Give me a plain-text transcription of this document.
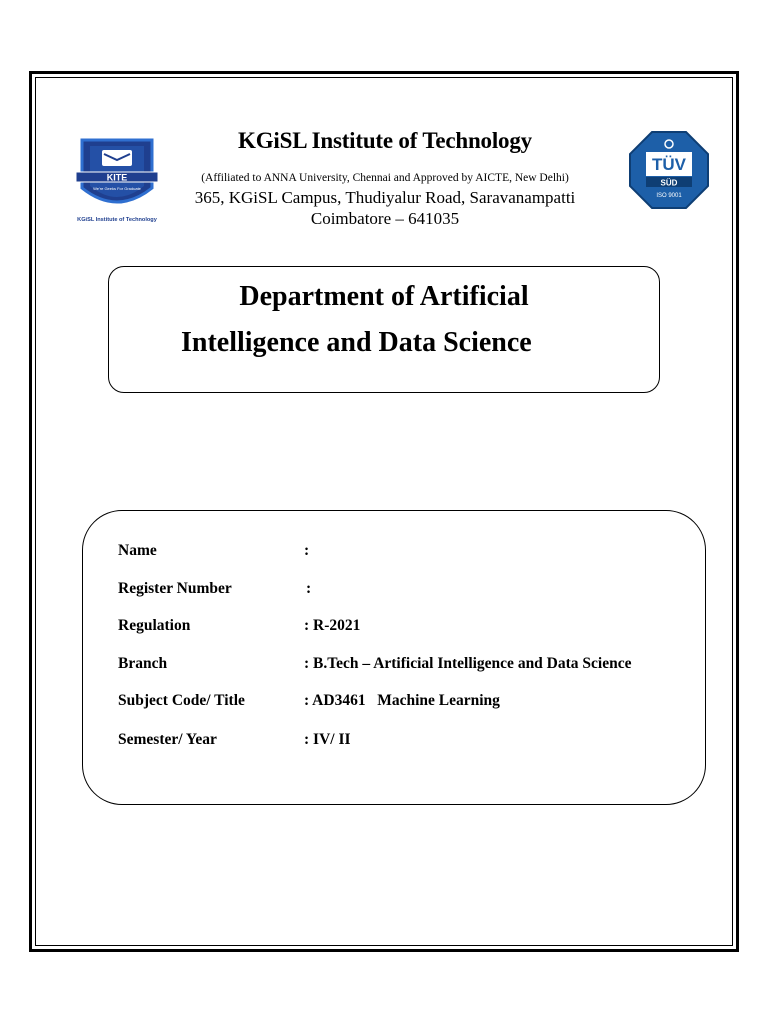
KITE
We're Geeks For Graduate
KGiSL Institute of Technology
TÜV
SÜD
ISO 9001
KGiSL Institute of Technology
(Affiliated to ANNA University, Chennai and Approved by AICTE, New Delhi)
365, KGiSL Campus, Thudiyalur Road, Saravanampatti
Coimbatore – 641035
Department of Artificial
Intelligence and Data Science
Name	:
Register Number	:
Regulation	: R-2021
Branch	: B.Tech – Artificial Intelligence and Data Science
Subject Code/ Title	: AD3461   Machine Learning
Semester/ Year	: IV/ II
